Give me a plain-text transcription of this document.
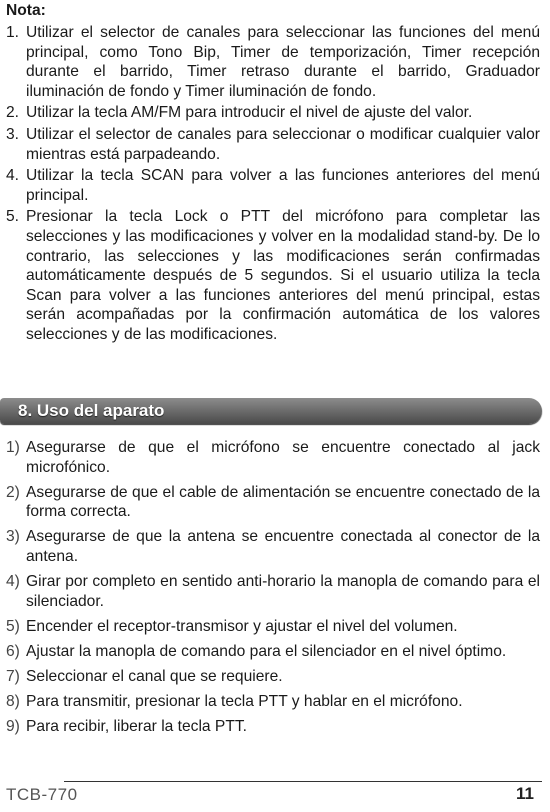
Nota:
1. Utilizar el selector de canales para seleccionar las funciones del menú principal, como Tono Bip, Timer de temporización, Timer recepción durante el barrido, Timer retraso durante el barrido, Graduador iluminación de fondo y Timer iluminación de fondo.
2. Utilizar la tecla AM/FM para introducir el nivel de ajuste del valor.
3. Utilizar el selector de canales para seleccionar o modificar cualquier valor mientras está parpadeando.
4. Utilizar la tecla SCAN para volver a las funciones anteriores del menú principal.
5. Presionar la tecla Lock o PTT del micrófono para completar las selecciones y las modificaciones y volver en la modalidad stand-by. De lo contrario, las selecciones y las modificaciones serán confirmadas automáticamente después de 5 segundos. Si el usuario utiliza la tecla Scan para volver a las funciones anteriores del menú principal, estas serán acompañadas por la confirmación automática de los valores selecciones y de las modificaciones.
8. Uso del aparato
1) Asegurarse de que el micrófono se encuentre conectado al jack microfónico.
2) Asegurarse de que el cable de alimentación se encuentre conectado de la forma correcta.
3) Asegurarse de que la antena se encuentre conectada al conector de la antena.
4) Girar por completo en sentido anti-horario la manopla de comando para el silenciador.
5) Encender el receptor-transmisor y ajustar el nivel del volumen.
6) Ajustar la manopla de comando para el silenciador en el nivel óptimo.
7) Seleccionar el canal que se requiere.
8) Para transmitir, presionar la tecla PTT y hablar en el micrófono.
9) Para recibir, liberar la tecla PTT.
TCB-770	11
